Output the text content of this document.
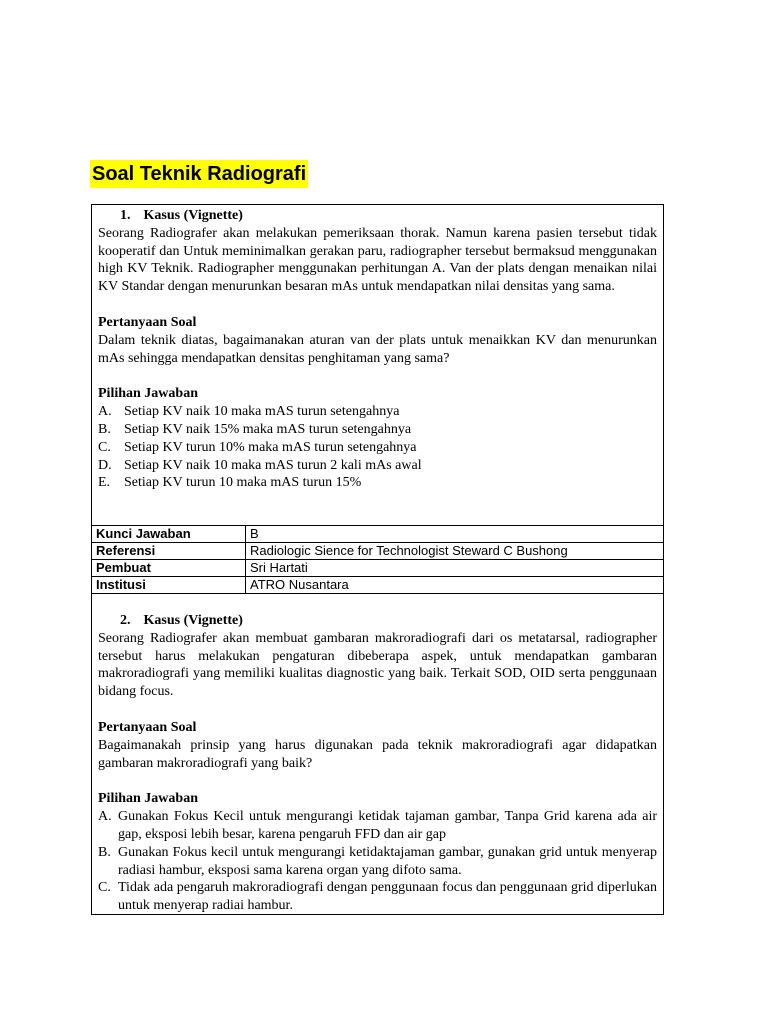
Soal Teknik Radiografi
1. Kasus (Vignette)
Seorang Radiografer akan melakukan pemeriksaan thorak. Namun karena pasien tersebut tidak kooperatif dan Untuk meminimalkan gerakan paru, radiographer tersebut bermaksud menggunakan high KV Teknik. Radiographer menggunakan perhitungan A. Van der plats dengan menaikan nilai KV Standar dengan menurunkan besaran mAs untuk mendapatkan nilai densitas yang sama.
Pertanyaan Soal
Dalam teknik diatas, bagaimanakan aturan van der plats untuk menaikkan KV dan menurunkan mAs sehingga mendapatkan densitas penghitaman yang sama?
Pilihan Jawaban
A. Setiap KV naik 10 maka mAS turun setengahnya
B. Setiap KV naik 15% maka mAS turun setengahnya
C. Setiap KV turun 10% maka mAS turun setengahnya
D. Setiap KV naik 10 maka mAS turun 2 kali mAs awal
E. Setiap KV turun 10 maka mAS turun 15%
Kunci Jawaban	B
Referensi	Radiologic Sience for Technologist Steward C Bushong
Pembuat	Sri Hartati
Institusi	ATRO Nusantara
2. Kasus (Vignette)
Seorang Radiografer akan membuat gambaran makroradiografi dari os metatarsal, radiographer tersebut harus melakukan pengaturan dibeberapa aspek, untuk mendapatkan gambaran makroradiografi yang memiliki kualitas diagnostic yang baik. Terkait SOD, OID serta penggunaan bidang focus.
Pertanyaan Soal
Bagaimanakah prinsip yang harus digunakan pada teknik makroradiografi agar didapatkan gambaran makroradiografi yang baik?
Pilihan Jawaban
A. Gunakan Fokus Kecil untuk mengurangi ketidak tajaman gambar, Tanpa Grid karena ada air gap, eksposi lebih besar, karena pengaruh FFD dan air gap
B. Gunakan Fokus kecil untuk mengurangi ketidaktajaman gambar, gunakan grid untuk menyerap radiasi hambur, eksposi sama karena organ yang difoto sama.
C. Tidak ada pengaruh makroradiografi dengan penggunaan focus dan penggunaan grid diperlukan untuk menyerap radiai hambur.
